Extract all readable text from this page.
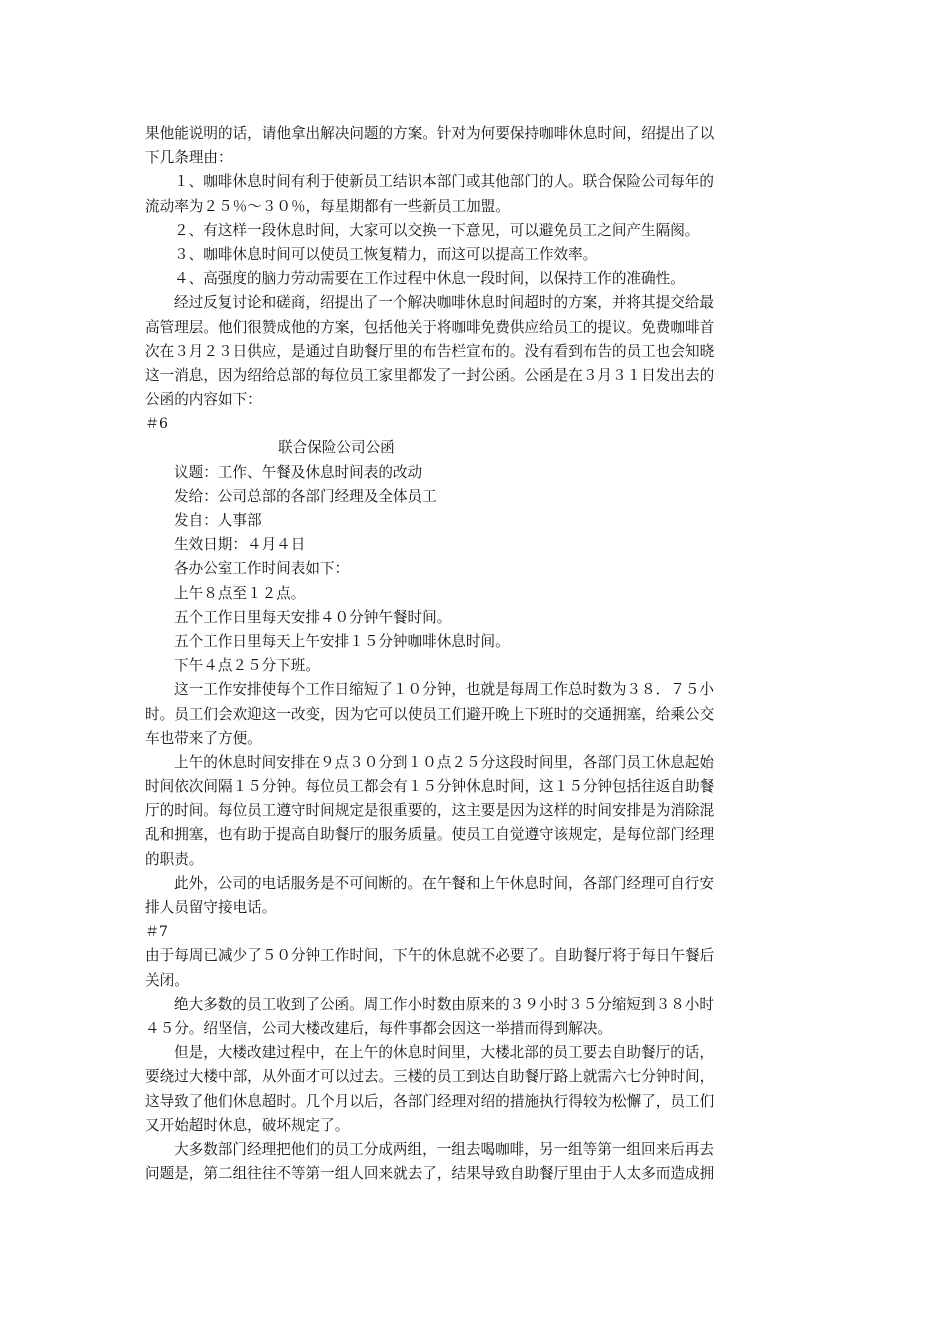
果他能说明的话，请他拿出解决问题的方案。针对为何要保持咖啡休息时间，绍提出了以
下几条理由：
１、咖啡休息时间有利于使新员工结识本部门或其他部门的人。联合保险公司每年的
流动率为２５％～３０％，每星期都有一些新员工加盟。
２、有这样一段休息时间，大家可以交换一下意见，可以避免员工之间产生隔阂。
３、咖啡休息时间可以使员工恢复精力，而这可以提高工作效率。
４、高强度的脑力劳动需要在工作过程中休息一段时间，以保持工作的准确性。
经过反复讨论和磋商，绍提出了一个解决咖啡休息时间超时的方案，并将其提交给最
高管理层。他们很赞成他的方案，包括他关于将咖啡免费供应给员工的提议。免费咖啡首
次在３月２３日供应，是通过自助餐厅里的布告栏宣布的。没有看到布告的员工也会知晓
这一消息，因为绍给总部的每位员工家里都发了一封公函。公函是在３月３１日发出去的
公函的内容如下：
＃6
联合保险公司公函
议题：工作、午餐及休息时间表的改动
发给：公司总部的各部门经理及全体员工
发自：人事部
生效日期：４月４日
各办公室工作时间表如下：
上午８点至１２点。
五个工作日里每天安排４０分钟午餐时间。
五个工作日里每天上午安排１５分钟咖啡休息时间。
下午４点２５分下班。
这一工作安排使每个工作日缩短了１０分钟，也就是每周工作总时数为３８．７５小
时。员工们会欢迎这一改变，因为它可以使员工们避开晚上下班时的交通拥塞，给乘公交
车也带来了方便。
上午的休息时间安排在９点３０分到１０点２５分这段时间里，各部门员工休息起始
时间依次间隔１５分钟。每位员工都会有１５分钟休息时间，这１５分钟包括往返自助餐
厅的时间。每位员工遵守时间规定是很重要的，这主要是因为这样的时间安排是为消除混
乱和拥塞，也有助于提高自助餐厅的服务质量。使员工自觉遵守该规定，是每位部门经理
的职责。
此外，公司的电话服务是不可间断的。在午餐和上午休息时间，各部门经理可自行安
排人员留守接电话。
＃7
由于每周已减少了５０分钟工作时间，下午的休息就不必要了。自助餐厅将于每日午餐后
关闭。
绝大多数的员工收到了公函。周工作小时数由原来的３９小时３５分缩短到３８小时
４５分。绍坚信，公司大楼改建后，每件事都会因这一举措而得到解决。
但是，大楼改建过程中，在上午的休息时间里，大楼北部的员工要去自助餐厅的话，
要绕过大楼中部，从外面才可以过去。三楼的员工到达自助餐厅路上就需六七分钟时间，
这导致了他们休息超时。几个月以后，各部门经理对绍的措施执行得较为松懈了，员工们
又开始超时休息，破坏规定了。
大多数部门经理把他们的员工分成两组，一组去喝咖啡，另一组等第一组回来后再去
问题是，第二组往往不等第一组人回来就去了，结果导致自助餐厅里由于人太多而造成拥
